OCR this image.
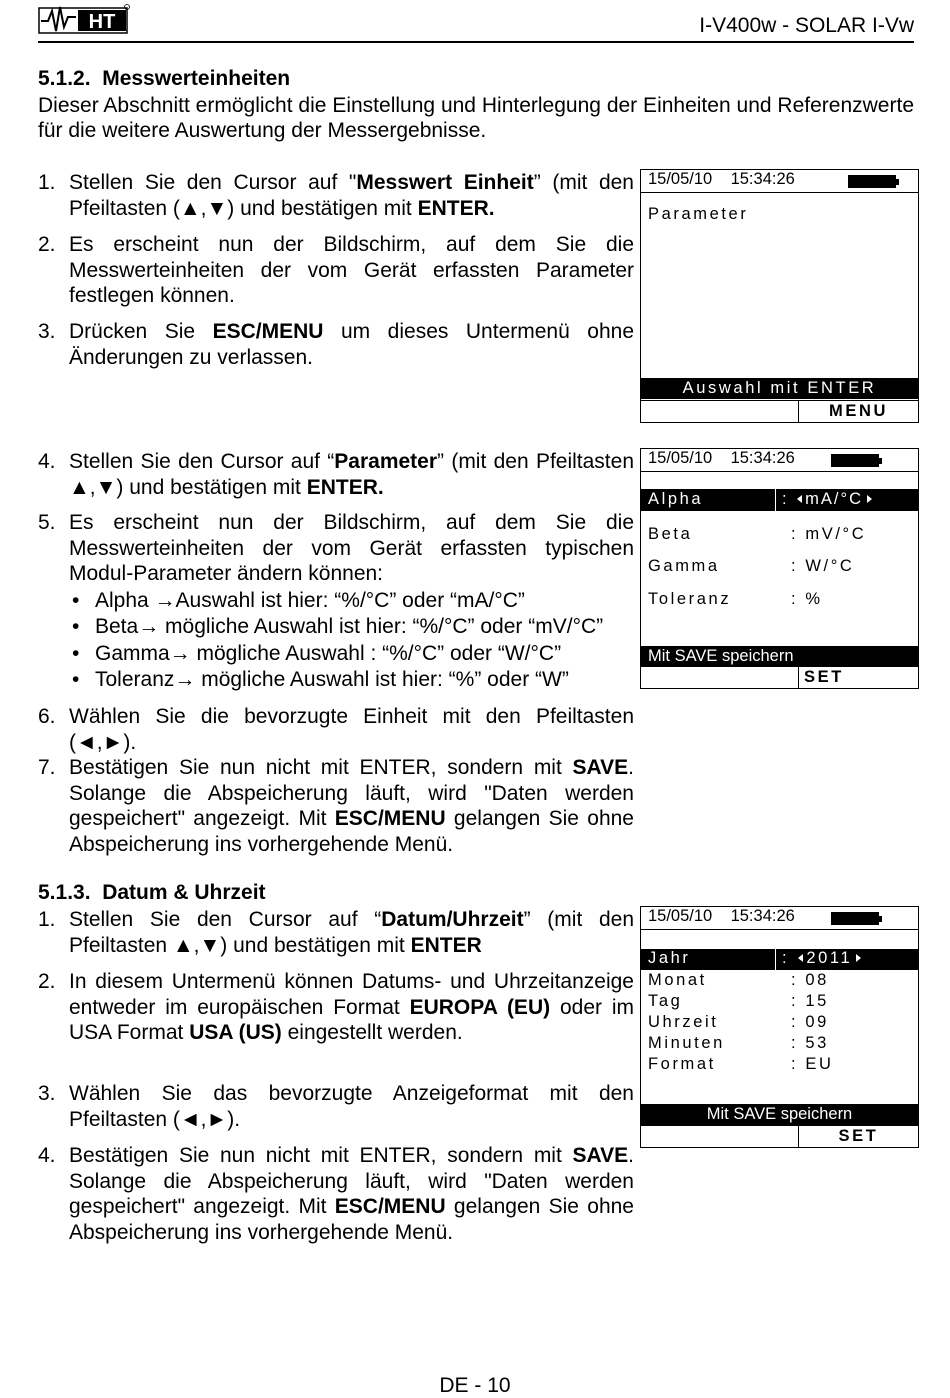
HT	I-V400w - SOLAR I-Vw
5.1.2.  Messwerteinheiten
Dieser Abschnitt ermöglicht die Einstellung und Hinterlegung der Einheiten und Referenzwerte für die weitere Auswertung der Messergebnisse.
1. Stellen Sie den Cursor auf "Messwert Einheit” (mit den Pfeiltasten (▲,▼) und bestätigen mit ENTER.
2. Es erscheint nun der Bildschirm, auf dem Sie die Messwerteinheiten der vom Gerät erfassten Parameter festlegen können.
3. Drücken Sie ESC/MENU um dieses Untermenü ohne Änderungen zu verlassen.
4. Stellen Sie den Cursor auf “Parameter” (mit den Pfeiltasten ▲,▼) und bestätigen mit ENTER.
5. Es erscheint nun der Bildschirm, auf dem Sie die Messwerteinheiten der vom Gerät erfassten typischen Modul-Parameter ändern können:
• Alpha →Auswahl ist hier: “%/°C” oder “mA/°C”
• Beta→ mögliche Auswahl ist hier: “%/°C” oder “mV/°C”
• Gamma→ mögliche Auswahl : “%/°C” oder “W/°C”
• Toleranz→ mögliche Auswahl ist hier: “%” oder “W”
6. Wählen Sie die bevorzugte Einheit mit den Pfeiltasten (◄,►).
7. Bestätigen Sie nun nicht mit ENTER, sondern mit SAVE. Solange die Abspeicherung läuft, wird "Daten werden gespeichert" angezeigt. Mit ESC/MENU gelangen Sie ohne Abspeicherung ins vorhergehende Menü.
5.1.3.  Datum & Uhrzeit
1. Stellen Sie den Cursor auf “Datum/Uhrzeit” (mit den Pfeiltasten ▲,▼) und bestätigen mit ENTER
2. In diesem Untermenü können Datums- und Uhrzeitanzeige entweder im europäischen Format EUROPA (EU) oder im USA Format USA (US) eingestellt werden.
3. Wählen Sie das bevorzugte Anzeigeformat mit den Pfeiltasten (◄,►).
4. Bestätigen Sie nun nicht mit ENTER, sondern mit SAVE. Solange die Abspeicherung läuft, wird "Daten werden gespeichert" angezeigt. Mit ESC/MENU gelangen Sie ohne Abspeicherung ins vorhergehende Menü.
15/05/10 15:34:26
Parameter
Auswahl mit ENTER
MENU
15/05/10 15:34:26
Alpha	: mA/°C
Beta	: mV/°C
Gamma	: W/°C
Toleranz	: %
Mit SAVE speichern
SET
15/05/10 15:34:26
Jahr	: 2011
Monat	: 08
Tag	: 15
Uhrzeit	: 09
Minuten	: 53
Format	: EU
Mit SAVE speichern
SET
DE - 10
